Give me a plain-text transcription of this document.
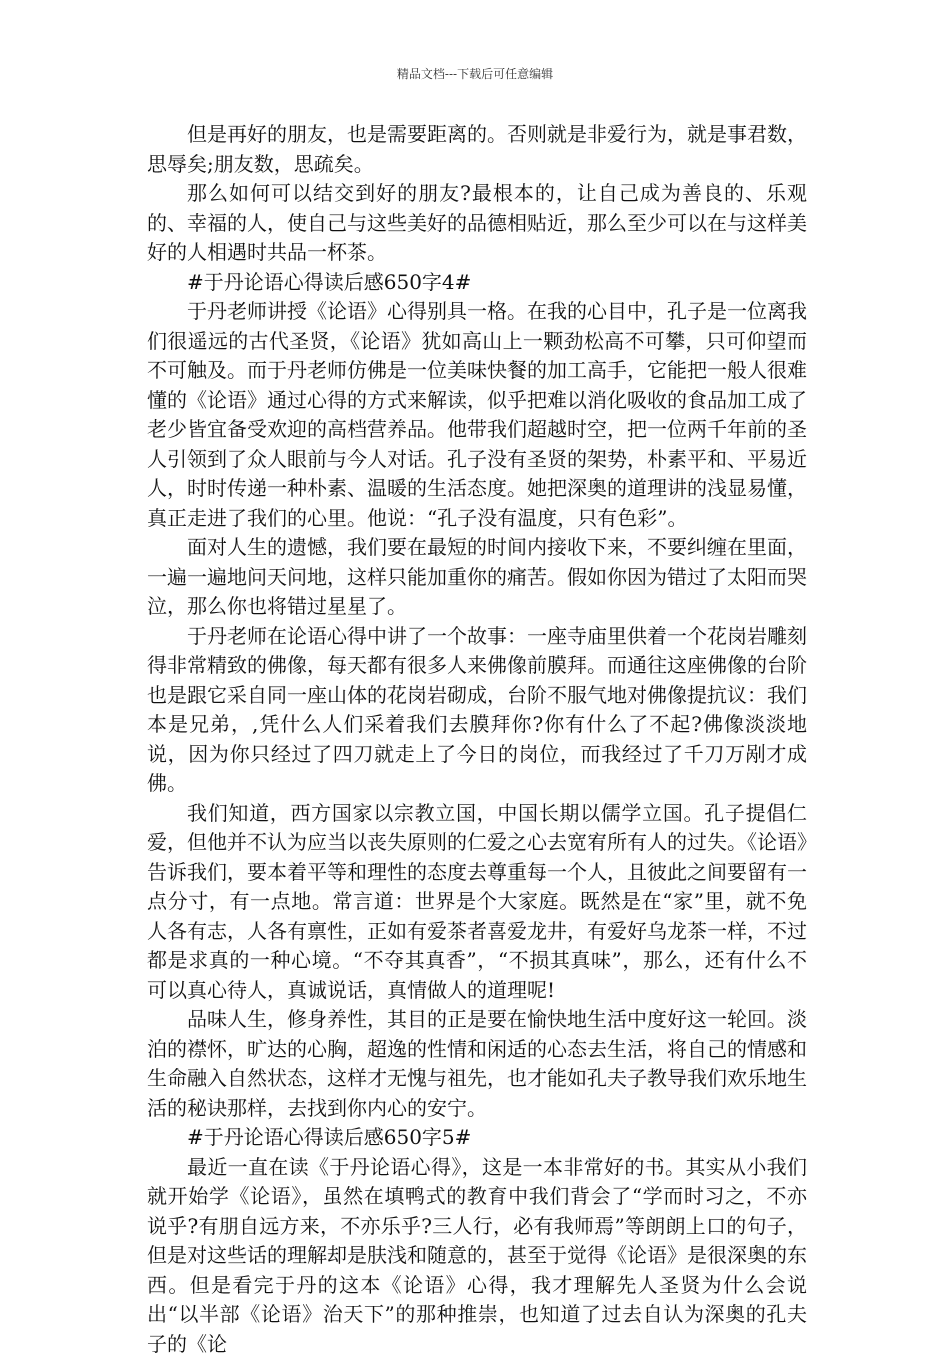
精品文档---下载后可任意编辑

但是再好的朋友，也是需要距离的。否则就是非爱行为，就是事君数，思辱矣;朋友数，思疏矣。

那么如何可以结交到好的朋友?最根本的，让自己成为善良的、乐观的、幸福的人，使自己与这些美好的品德相贴近，那么至少可以在与这样美好的人相遇时共品一杯茶。

#于丹论语心得读后感650字4#

于丹老师讲授《论语》心得别具一格。在我的心目中，孔子是一位离我们很遥远的古代圣贤，《论语》犹如高山上一颗劲松高不可攀，只可仰望而不可触及。而于丹老师仿佛是一位美味快餐的加工高手，它能把一般人很难懂的《论语》通过心得的方式来解读，似乎把难以消化吸收的食品加工成了老少皆宜备受欢迎的高档营养品。他带我们超越时空，把一位两千年前的圣人引领到了众人眼前与今人对话。孔子没有圣贤的架势，朴素平和、平易近人，时时传递一种朴素、温暖的生活态度。她把深奥的道理讲的浅显易懂，真正走进了我们的心里。他说：“孔子没有温度，只有色彩”。

面对人生的遗憾，我们要在最短的时间内接收下来，不要纠缠在里面，一遍一遍地问天问地，这样只能加重你的痛苦。假如你因为错过了太阳而哭泣，那么你也将错过星星了。

于丹老师在论语心得中讲了一个故事：一座寺庙里供着一个花岗岩雕刻得非常精致的佛像，每天都有很多人来佛像前膜拜。而通往这座佛像的台阶也是跟它采自同一座山体的花岗岩砌成，台阶不服气地对佛像提抗议：我们本是兄弟，,凭什么人们采着我们去膜拜你?你有什么了不起?佛像淡淡地说，因为你只经过了四刀就走上了今日的岗位，而我经过了千刀万剐才成佛。

我们知道，西方国家以宗教立国，中国长期以儒学立国。孔子提倡仁爱，但他并不认为应当以丧失原则的仁爱之心去宽宥所有人的过失。《论语》告诉我们，要本着平等和理性的态度去尊重每一个人，且彼此之间要留有一点分寸，有一点地。常言道：世界是个大家庭。既然是在“家”里，就不免人各有志，人各有禀性，正如有爱茶者喜爱龙井，有爱好乌龙茶一样，不过都是求真的一种心境。“不夺其真香”，“不损其真味”，那么，还有什么不可以真心待人，真诚说话，真情做人的道理呢!

品味人生，修身养性，其目的正是要在愉快地生活中度好这一轮回。淡泊的襟怀，旷达的心胸，超逸的性情和闲适的心态去生活，将自己的情感和生命融入自然状态，这样才无愧与祖先，也才能如孔夫子教导我们欢乐地生活的秘诀那样，去找到你内心的安宁。

#于丹论语心得读后感650字5#

最近一直在读《于丹论语心得》，这是一本非常好的书。其实从小我们就开始学《论语》，虽然在填鸭式的教育中我们背会了“学而时习之，不亦说乎?有朋自远方来，不亦乐乎?三人行，必有我师焉”等朗朗上口的句子，但是对这些话的理解却是肤浅和随意的，甚至于觉得《论语》是很深奥的东西。但是看完于丹的这本《论语》心得，我才理解先人圣贤为什么会说出“以半部《论语》治天下”的那种推崇，也知道了过去自认为深奥的孔夫子的《论
